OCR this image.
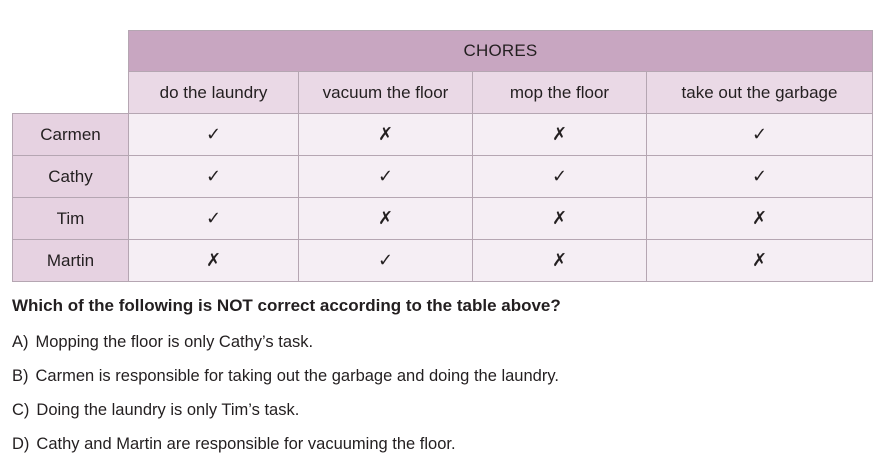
	CHORES			
	do the laundry	vacuum the floor	mop the floor	take out the garbage
Carmen	✓	✗	✗	✓
Cathy	✓	✓	✓	✓
Tim	✓	✗	✗	✗
Martin	✗	✓	✗	✗

Which of the following is NOT correct according to the table above?

A) Mopping the floor is only Cathy’s task.
B) Carmen is responsible for taking out the garbage and doing the laundry.
C) Doing the laundry is only Tim’s task.
D) Cathy and Martin are responsible for vacuuming the floor.
